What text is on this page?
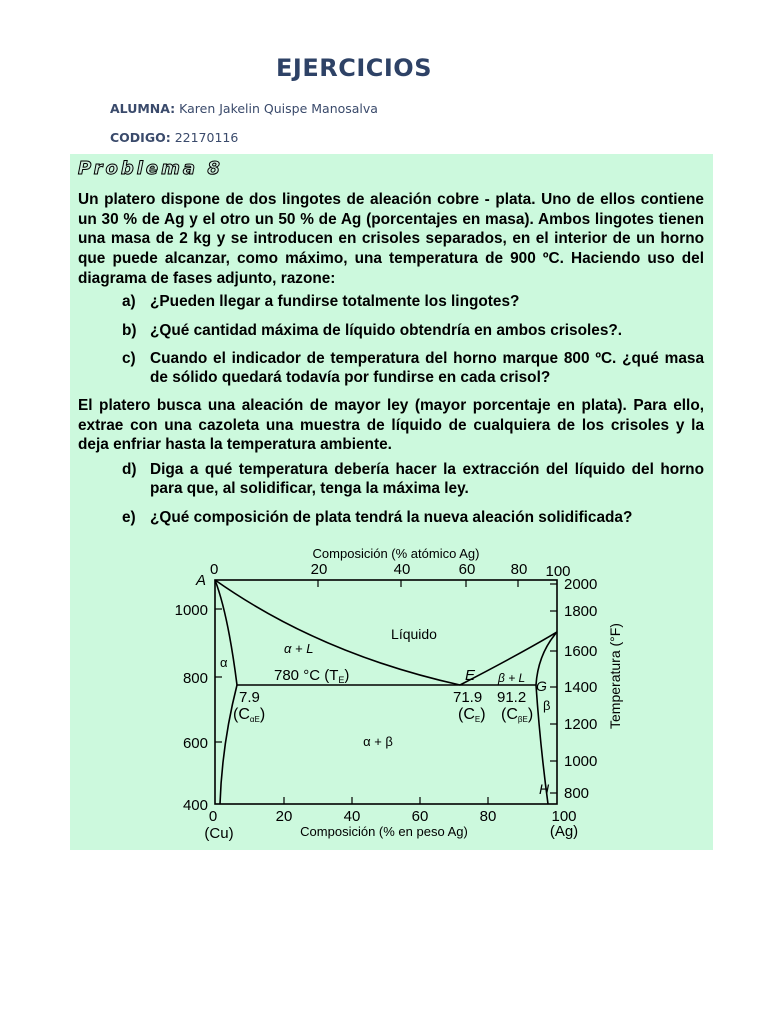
EJERCICIOS
ALUMNA: Karen Jakelin Quispe Manosalva
CODIGO: 22170116
Problema 8
Un platero dispone de dos lingotes de aleación cobre - plata. Uno de ellos contiene un 30 % de Ag y el otro un 50 % de Ag (porcentajes en masa). Ambos lingotes tienen una masa de 2 kg y se introducen en crisoles separados, en el interior de un horno que puede alcanzar, como máximo, una temperatura de 900 ºC. Haciendo uso del diagrama de fases adjunto, razone:
a) ¿Pueden llegar a fundirse totalmente los lingotes?
b) ¿Qué cantidad máxima de líquido obtendría en ambos crisoles?.
c) Cuando el indicador de temperatura del horno marque 800 ºC. ¿qué masa de sólido quedará todavía por fundirse en cada crisol?
El platero busca una aleación de mayor ley (mayor porcentaje en plata). Para ello, extrae con una cazoleta una muestra de líquido de cualquiera de los crisoles y la deja enfriar hasta la temperatura ambiente.
d) Diga a qué temperatura debería hacer la extracción del líquido del horno para que, al solidificar, tenga la máxima ley.
e) ¿Qué composición de plata tendrá la nueva aleación solidificada?
Composición (% atómico Ag)
0	20	40	60 80 100
0	20	40	60	80	100
(Cu)	Composición (% en peso Ag)	(Ag)
1000
800
600
400
2000
1800
1600
1400
1200
1000
800
Temperatura (°F)
Líquido
α + L
α
β + L
β
α + β
780 °C $(T_E)$
A
E
G
H
7.9
(CαE)
71.9
(CE)
91.2
(CβE)
